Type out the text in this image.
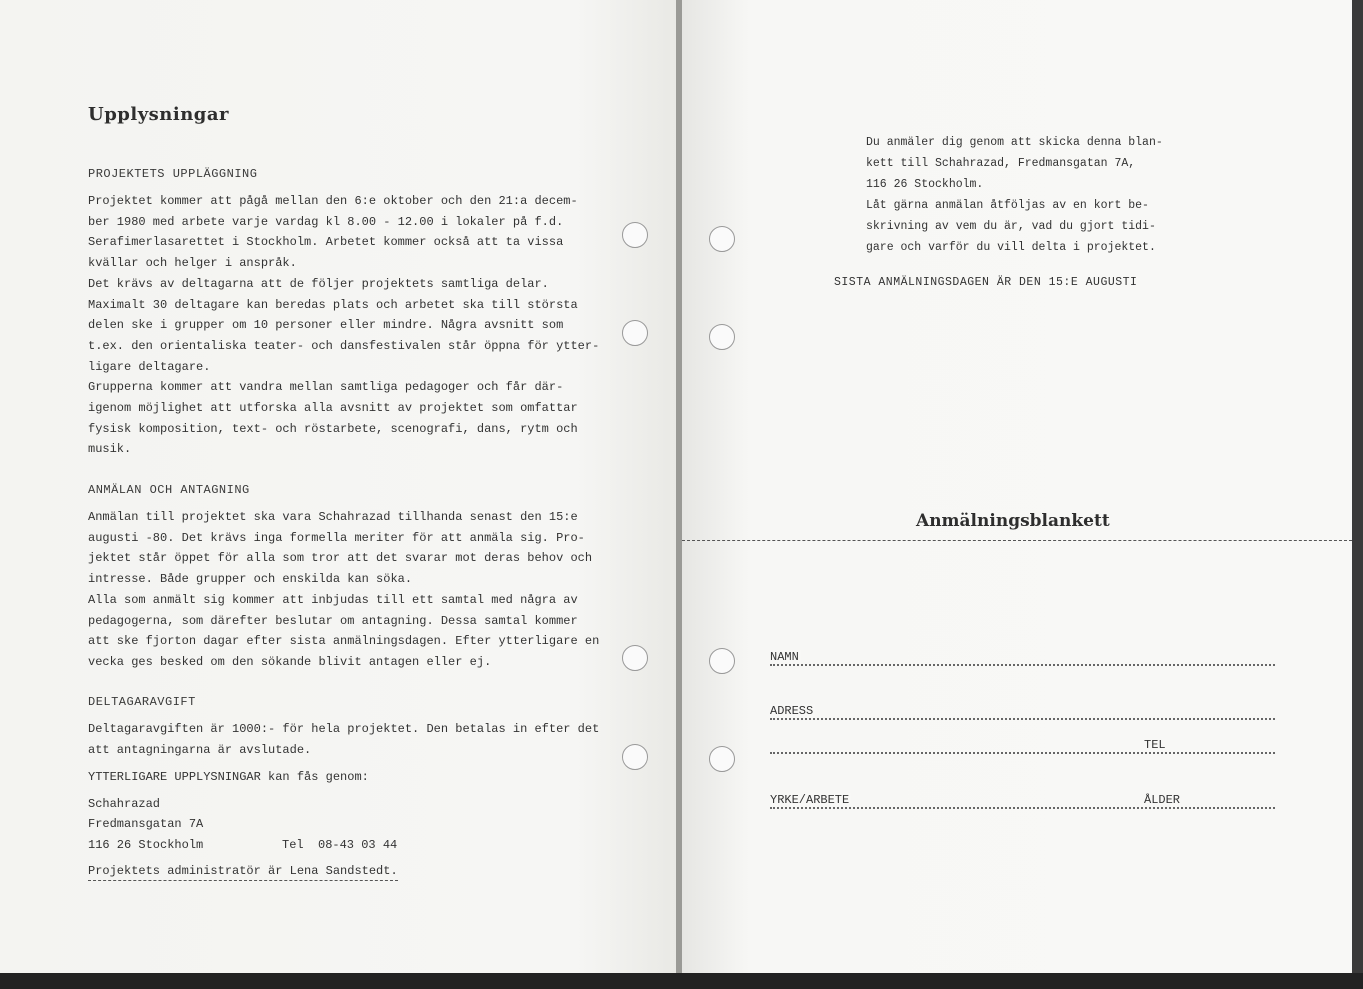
Upplysningar

PROJEKTETS UPPLÄGGNING

Projektet kommer att pågå mellan den 6:e oktober och den 21:a decem-
ber 1980 med arbete varje vardag kl 8.00 - 12.00 i lokaler på f.d.
Serafimerlasarettet i Stockholm. Arbetet kommer också att ta vissa
kvällar och helger i anspråk.
Det krävs av deltagarna att de följer projektets samtliga delar.
Maximalt 30 deltagare kan beredas plats och arbetet ska till största
delen ske i grupper om 10 personer eller mindre. Några avsnitt som
t.ex. den orientaliska teater- och dansfestivalen står öppna för ytter-
ligare deltagare.
Grupperna kommer att vandra mellan samtliga pedagoger och får där-
igenom möjlighet att utforska alla avsnitt av projektet som omfattar
fysisk komposition, text- och röstarbete, scenografi, dans, rytm och
musik.

ANMÄLAN OCH ANTAGNING

Anmälan till projektet ska vara Schahrazad tillhanda senast den 15:e
augusti -80. Det krävs inga formella meriter för att anmäla sig. Pro-
jektet står öppet för alla som tror att det svarar mot deras behov och
intresse. Både grupper och enskilda kan söka.
Alla som anmält sig kommer att inbjudas till ett samtal med några av
pedagogerna, som därefter beslutar om antagning. Dessa samtal kommer
att ske fjorton dagar efter sista anmälningsdagen. Efter ytterligare en
vecka ges besked om den sökande blivit antagen eller ej.

DELTAGARAVGIFT

Deltagaravgiften är 1000:- för hela projektet. Den betalas in efter det
att antagningarna är avslutade.

YTTERLIGARE UPPLYSNINGAR kan fås genom:

Schahrazad

Fredmansgatan 7A

116 26 Stockholm	Tel  08-43 03 44

Projektets administratör är Lena Sandstedt.

Du anmäler dig genom att skicka denna blan-
kett till Schahrazad, Fredmansgatan 7A,
116 26 Stockholm.
Låt gärna anmälan åtföljas av en kort be-
skrivning av vem du är, vad du gjort tidi-
gare och varför du vill delta i projektet.

SISTA ANMÄLNINGSDAGEN ÄR DEN 15:E AUGUSTI

Anmälningsblankett
NAMN
ADRESS
TEL
YRKE/ARBETE	ÅLDER
